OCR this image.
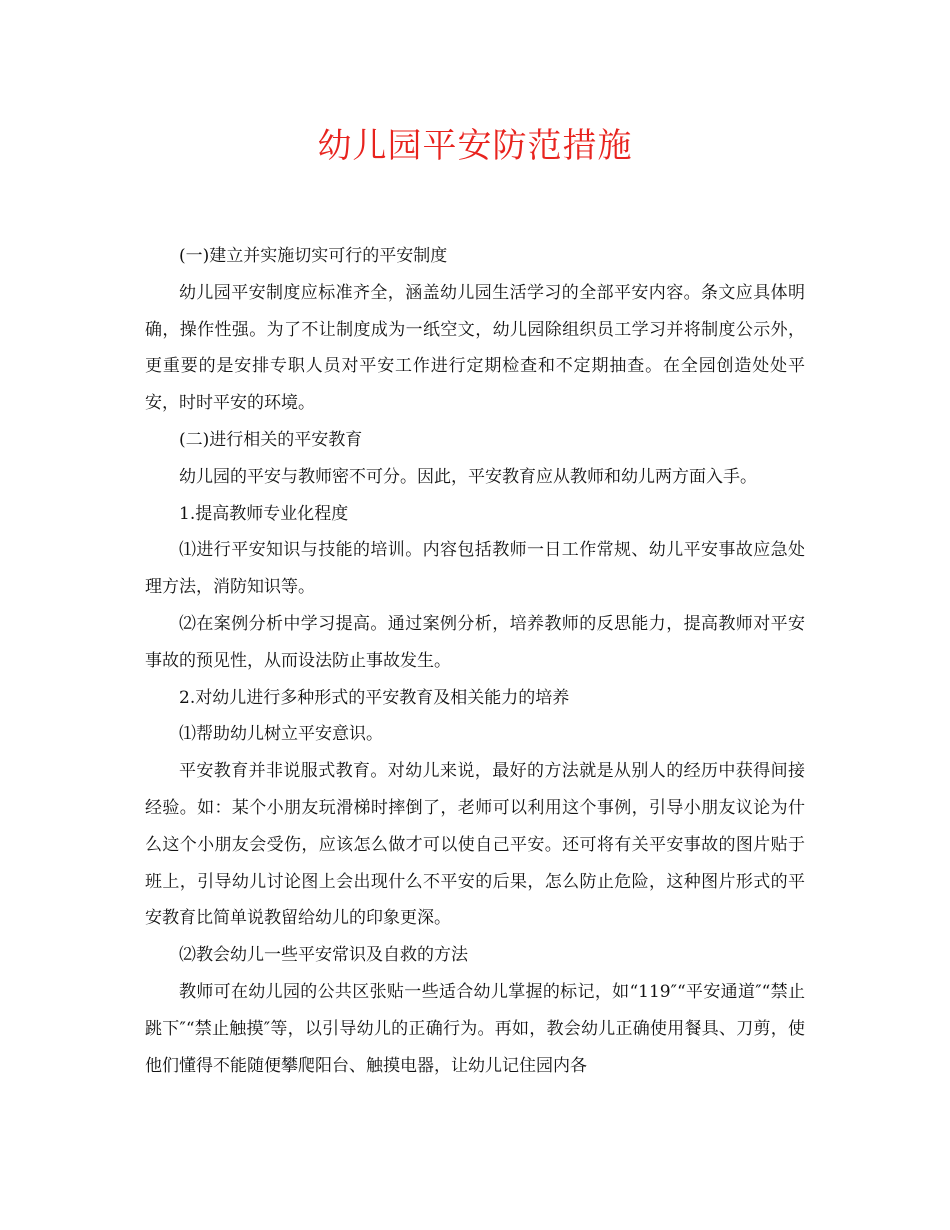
幼儿园平安防范措施

(一)建立并实施切实可行的平安制度

幼儿园平安制度应标准齐全，涵盖幼儿园生活学习的全部平安内容。条文应具体明确，操作性强。为了不让制度成为一纸空文，幼儿园除组织员工学习并将制度公示外，更重要的是安排专职人员对平安工作进行定期检查和不定期抽查。在全园创造处处平安，时时平安的环境。

(二)进行相关的平安教育

幼儿园的平安与教师密不可分。因此，平安教育应从教师和幼儿两方面入手。

1.提高教师专业化程度

⑴进行平安知识与技能的培训。内容包括教师一日工作常规、幼儿平安事故应急处理方法，消防知识等。

⑵在案例分析中学习提高。通过案例分析，培养教师的反思能力，提高教师对平安事故的预见性，从而设法防止事故发生。

2.对幼儿进行多种形式的平安教育及相关能力的培养

⑴帮助幼儿树立平安意识。

平安教育并非说服式教育。对幼儿来说，最好的方法就是从别人的经历中获得间接经验。如：某个小朋友玩滑梯时摔倒了，老师可以利用这个事例，引导小朋友议论为什么这个小朋友会受伤，应该怎么做才可以使自己平安。还可将有关平安事故的图片贴于班上，引导幼儿讨论图上会出现什么不平安的后果，怎么防止危险，这种图片形式的平安教育比简单说教留给幼儿的印象更深。

⑵教会幼儿一些平安常识及自救的方法

教师可在幼儿园的公共区张贴一些适合幼儿掌握的标记，如“119″“平安通道″“禁止跳下″“禁止触摸″等，以引导幼儿的正确行为。再如，教会幼儿正确使用餐具、刀剪，使他们懂得不能随便攀爬阳台、触摸电器，让幼儿记住园内各
